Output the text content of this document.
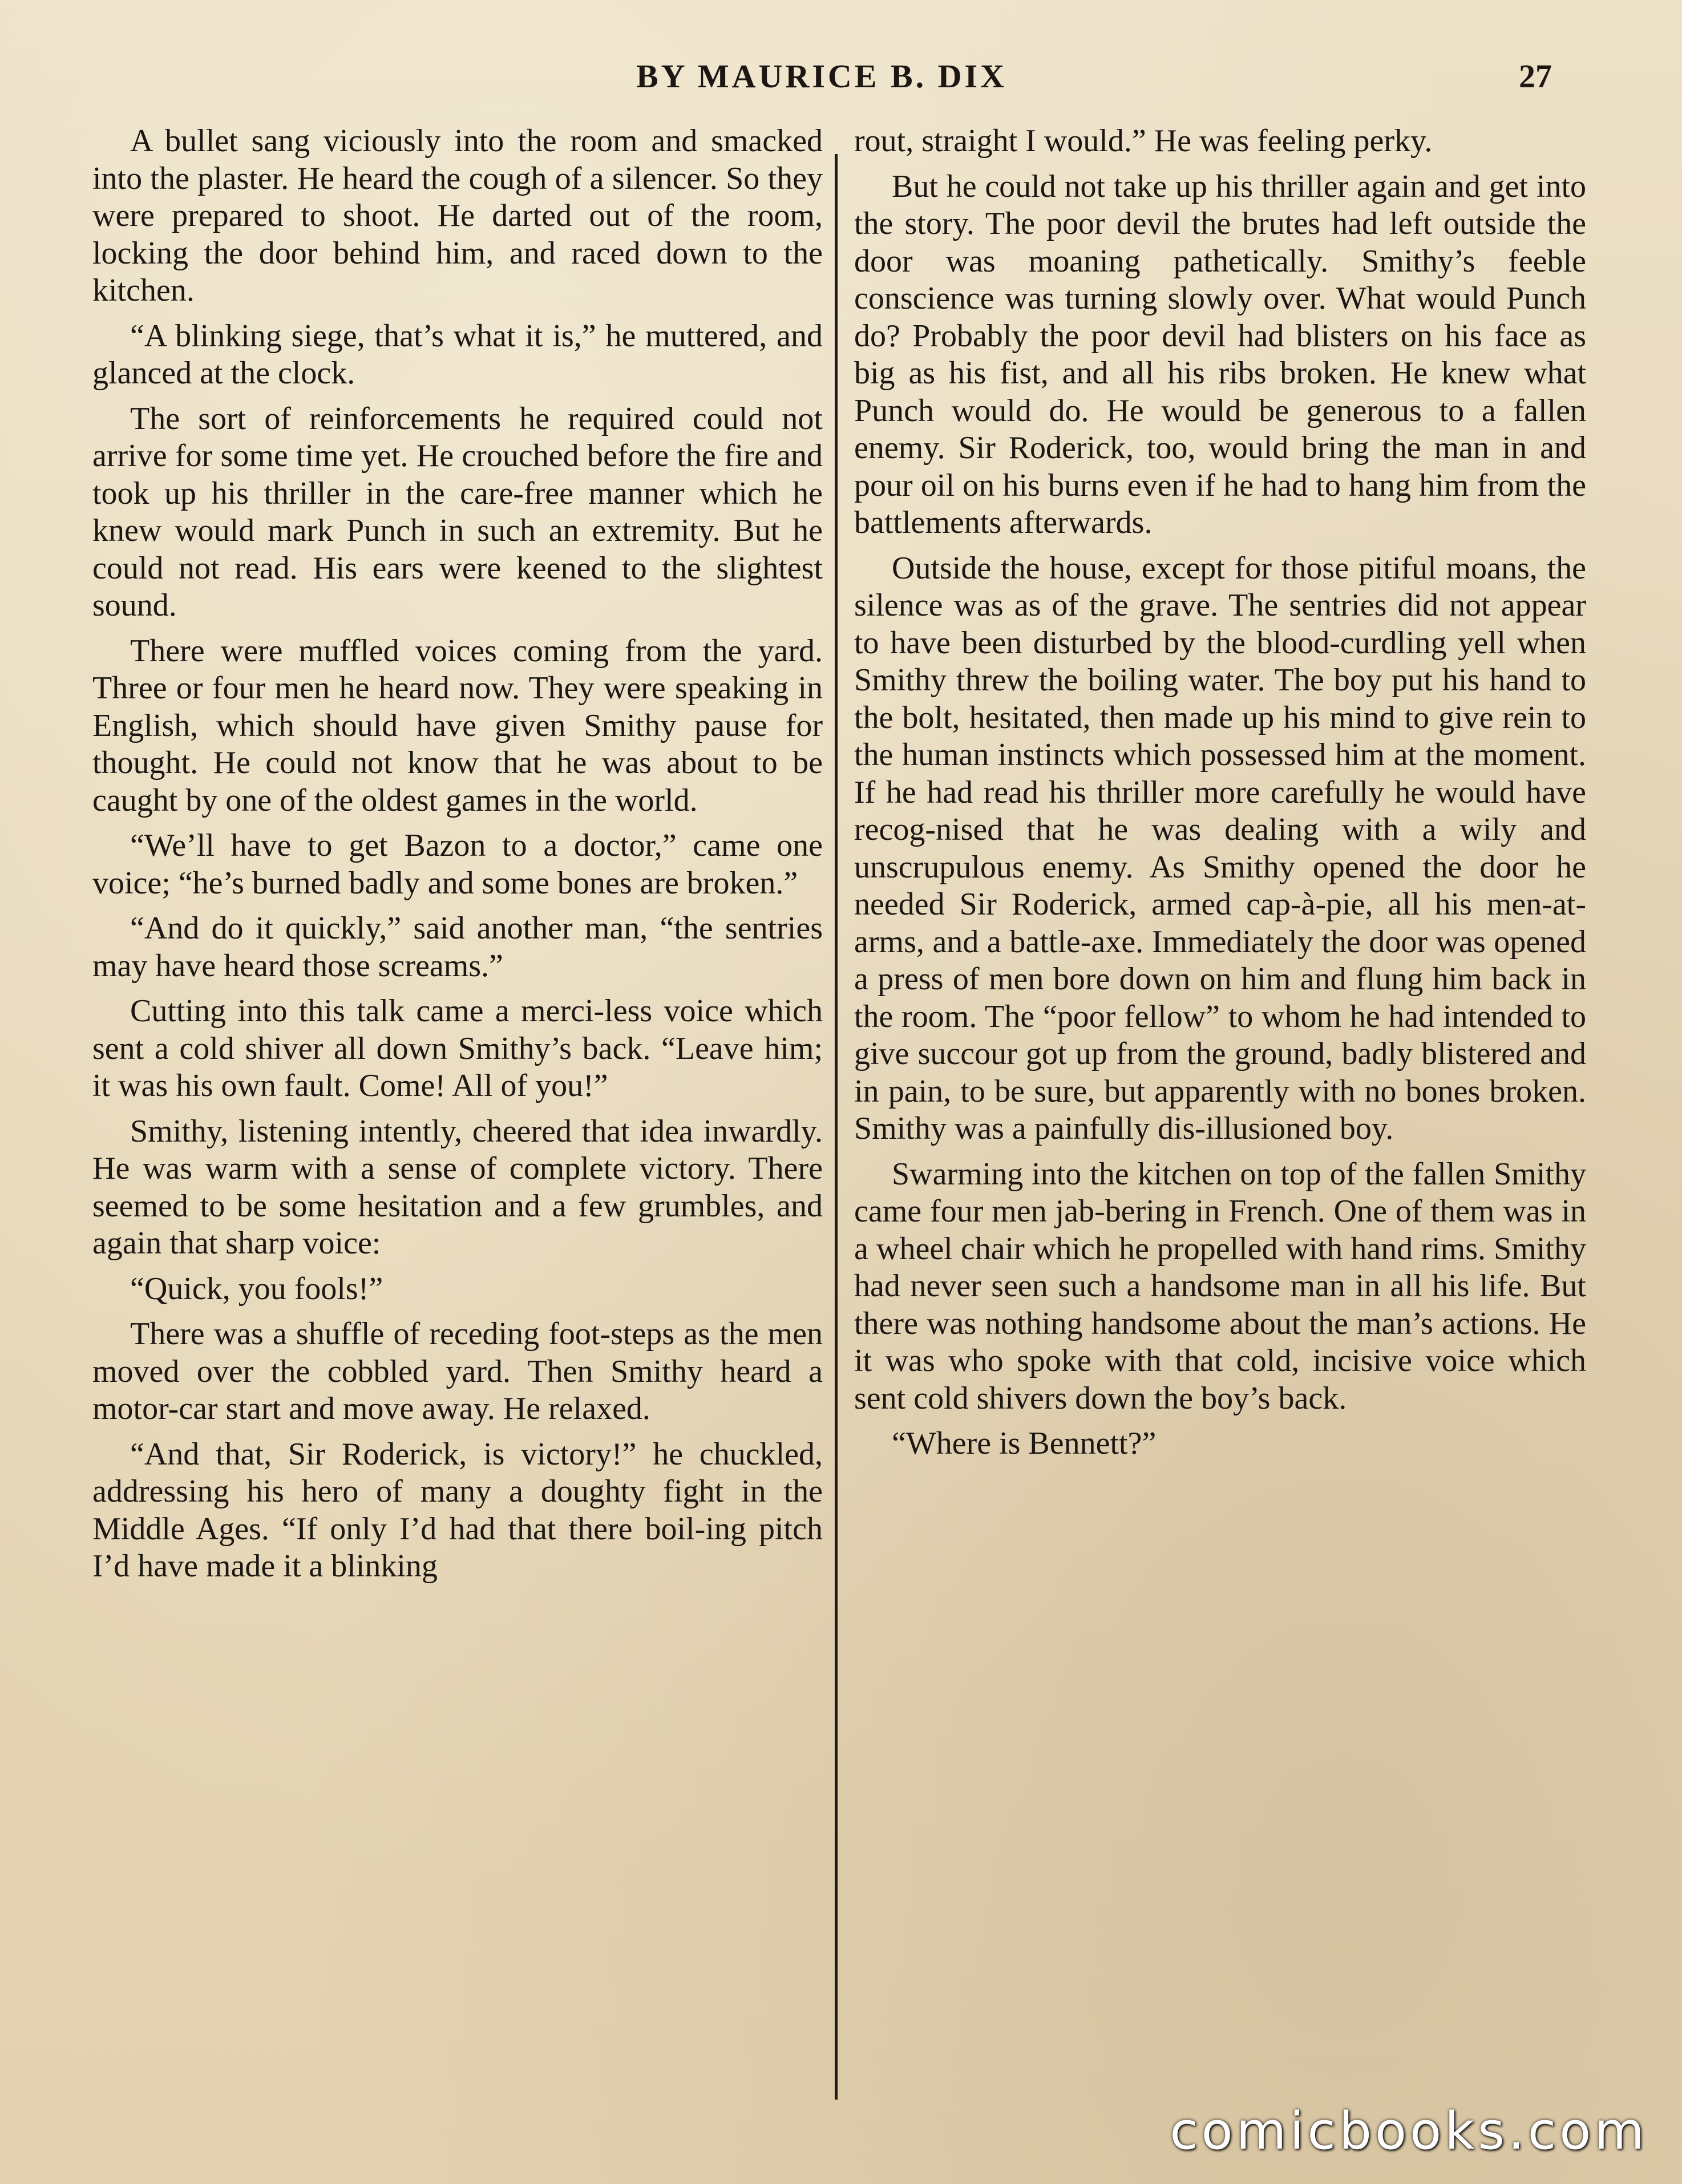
BY MAURICE B. DIX	27

A bullet sang viciously into the room and smacked into the plaster. He heard the cough of a silencer. So they were prepared to shoot. He darted out of the room, locking the door behind him, and raced down to the kitchen.

“A blinking siege, that’s what it is,” he muttered, and glanced at the clock.

The sort of reinforcements he required could not arrive for some time yet. He crouched before the fire and took up his thriller in the care-free manner which he knew would mark Punch in such an extremity. But he could not read. His ears were keened to the slightest sound.

There were muffled voices coming from the yard. Three or four men he heard now. They were speaking in English, which should have given Smithy pause for thought. He could not know that he was about to be caught by one of the oldest games in the world.

“We’ll have to get Bazon to a doctor,” came one voice; “he’s burned badly and some bones are broken.”

“And do it quickly,” said another man, “the sentries may have heard those screams.”

Cutting into this talk came a merci-less voice which sent a cold shiver all down Smithy’s back. “Leave him; it was his own fault. Come! All of you!”

Smithy, listening intently, cheered that idea inwardly. He was warm with a sense of complete victory. There seemed to be some hesitation and a few grumbles, and again that sharp voice:

“Quick, you fools!”

There was a shuffle of receding foot-steps as the men moved over the cobbled yard. Then Smithy heard a motor-car start and move away. He relaxed.

“And that, Sir Roderick, is victory!” he chuckled, addressing his hero of many a doughty fight in the Middle Ages. “If only I’d had that there boil-ing pitch I’d have made it a blinking

rout, straight I would.” He was feeling perky.

But he could not take up his thriller again and get into the story. The poor devil the brutes had left outside the door was moaning pathetically. Smithy’s feeble conscience was turning slowly over. What would Punch do? Probably the poor devil had blisters on his face as big as his fist, and all his ribs broken. He knew what Punch would do. He would be generous to a fallen enemy. Sir Roderick, too, would bring the man in and pour oil on his burns even if he had to hang him from the battlements afterwards.

Outside the house, except for those pitiful moans, the silence was as of the grave. The sentries did not appear to have been disturbed by the blood-curdling yell when Smithy threw the boiling water. The boy put his hand to the bolt, hesitated, then made up his mind to give rein to the human instincts which possessed him at the moment. If he had read his thriller more carefully he would have recog-nised that he was dealing with a wily and unscrupulous enemy. As Smithy opened the door he needed Sir Roderick, armed cap-à-pie, all his men-at-arms, and a battle-axe. Immediately the door was opened a press of men bore down on him and flung him back in the room. The “poor fellow” to whom he had intended to give succour got up from the ground, badly blistered and in pain, to be sure, but apparently with no bones broken. Smithy was a painfully dis-illusioned boy.

Swarming into the kitchen on top of the fallen Smithy came four men jab-bering in French. One of them was in a wheel chair which he propelled with hand rims. Smithy had never seen such a handsome man in all his life. But there was nothing handsome about the man’s actions. He it was who spoke with that cold, incisive voice which sent cold shivers down the boy’s back.

“Where is Bennett?”

comicbooks.com
